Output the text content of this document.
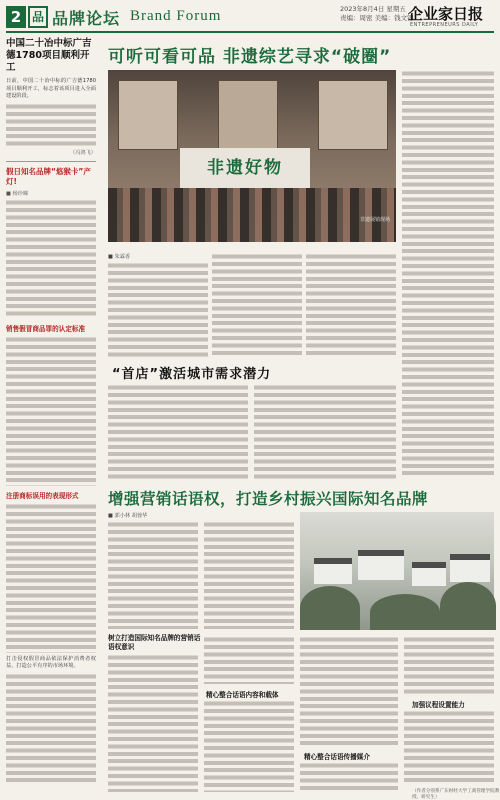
2 品 品牌论坛 Brand Forum	2023年8月4日 星期五
责编：周密 美编：钱文锦
企业家日报
ENTREPRENEURS DAILY
中国二十冶中标广吉德1780项目顺利开工
日前，中国二十冶中标的广吉德1780项目顺利开工，标志着该项目进入全面建设阶段。
（冯鸿飞）
假日知名品牌“悠猴卡”产灯!
■ 杨珍臻
销售假冒商品罪的认定标准
注册商标误用的表现形式
打击侵权假冒商品依法保护消费者权益，打造公平有序的市场环境。
可听可看可品 非遗综艺寻求“破圈”
非遗好物
非遗展销现场
■ 朱霖香
“首店”激活城市需求潜力
增强营销话语权，打造乡村振兴国际知名品牌
■ 郭小林 胡蓉华
树立打造国际知名品牌的营销话语权意识
精心整合话语内容和载体
精心整合话语传播媒介
加强议程设置能力
（作者分别系广东财经大学工商管理学院教授、研究生）
